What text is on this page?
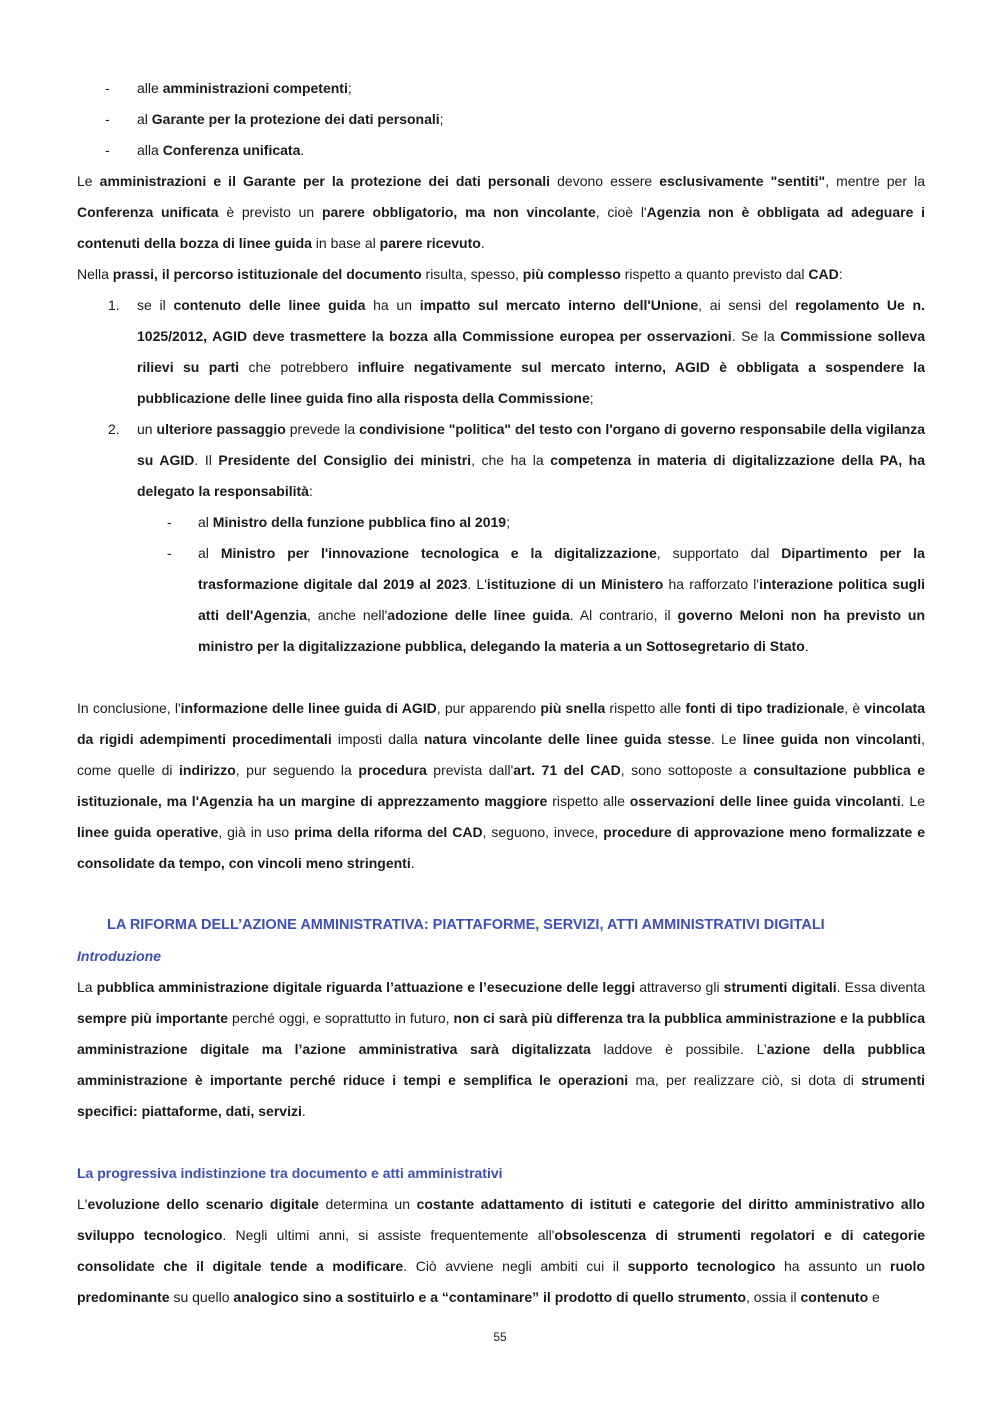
- alle amministrazioni competenti;

- al Garante per la protezione dei dati personali;

- alla Conferenza unificata.

Le amministrazioni e il Garante per la protezione dei dati personali devono essere esclusivamente "sentiti", mentre per la Conferenza unificata è previsto un parere obbligatorio, ma non vincolante, cioè l'Agenzia non è obbligata ad adeguare i contenuti della bozza di linee guida in base al parere ricevuto.

Nella prassi, il percorso istituzionale del documento risulta, spesso, più complesso rispetto a quanto previsto dal CAD:

1. se il contenuto delle linee guida ha un impatto sul mercato interno dell'Unione, ai sensi del regolamento Ue n. 1025/2012, AGID deve trasmettere la bozza alla Commissione europea per osservazioni. Se la Commissione solleva rilievi su parti che potrebbero influire negativamente sul mercato interno, AGID è obbligata a sospendere la pubblicazione delle linee guida fino alla risposta della Commissione;

2. un ulteriore passaggio prevede la condivisione "politica" del testo con l'organo di governo responsabile della vigilanza su AGID. Il Presidente del Consiglio dei ministri, che ha la competenza in materia di digitalizzazione della PA, ha delegato la responsabilità:

- al Ministro della funzione pubblica fino al 2019;

- al Ministro per l'innovazione tecnologica e la digitalizzazione, supportato dal Dipartimento per la trasformazione digitale dal 2019 al 2023. L'istituzione di un Ministero ha rafforzato l'interazione politica sugli atti dell'Agenzia, anche nell'adozione delle linee guida. Al contrario, il governo Meloni non ha previsto un ministro per la digitalizzazione pubblica, delegando la materia a un Sottosegretario di Stato.

In conclusione, l'informazione delle linee guida di AGID, pur apparendo più snella rispetto alle fonti di tipo tradizionale, è vincolata da rigidi adempimenti procedimentali imposti dalla natura vincolante delle linee guida stesse. Le linee guida non vincolanti, come quelle di indirizzo, pur seguendo la procedura prevista dall'art. 71 del CAD, sono sottoposte a consultazione pubblica e istituzionale, ma l'Agenzia ha un margine di apprezzamento maggiore rispetto alle osservazioni delle linee guida vincolanti. Le linee guida operative, già in uso prima della riforma del CAD, seguono, invece, procedure di approvazione meno formalizzate e consolidate da tempo, con vincoli meno stringenti.

LA RIFORMA DELL’AZIONE AMMINISTRATIVA: PIATTAFORME, SERVIZI, ATTI AMMINISTRATIVI DIGITALI

Introduzione

La pubblica amministrazione digitale riguarda l’attuazione e l’esecuzione delle leggi attraverso gli strumenti digitali. Essa diventa sempre più importante perché oggi, e soprattutto in futuro, non ci sarà più differenza tra la pubblica amministrazione e la pubblica amministrazione digitale ma l’azione amministrativa sarà digitalizzata laddove è possibile. L’azione della pubblica amministrazione è importante perché riduce i tempi e semplifica le operazioni ma, per realizzare ciò, si dota di strumenti specifici: piattaforme, dati, servizi.

La progressiva indistinzione tra documento e atti amministrativi

L'evoluzione dello scenario digitale determina un costante adattamento di istituti e categorie del diritto amministrativo allo sviluppo tecnologico. Negli ultimi anni, si assiste frequentemente all'obsolescenza di strumenti regolatori e di categorie consolidate che il digitale tende a modificare. Ciò avviene negli ambiti cui il supporto tecnologico ha assunto un ruolo predominante su quello analogico sino a sostituirlo e a “contaminare” il prodotto di quello strumento, ossia il contenuto e

55
